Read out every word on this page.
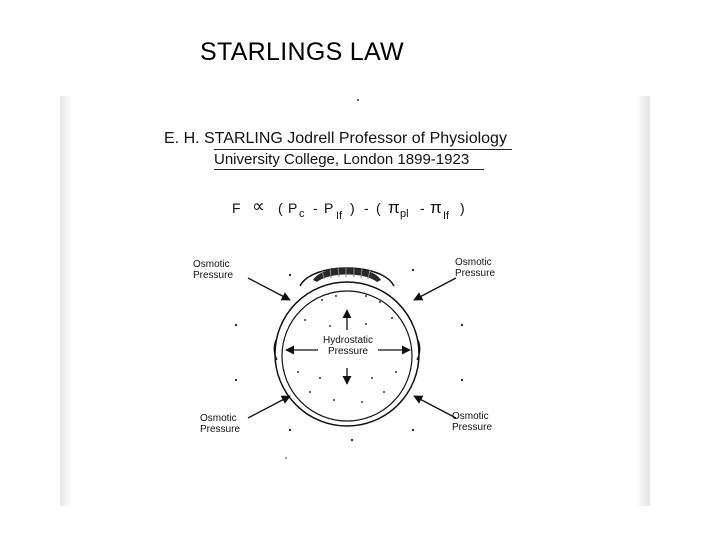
STARLINGS LAW
E. H. STARLING Jodrell Professor of Physiology
University College, London 1899-1923
F ∝ ( P c - P If ) - ( π pl - π If )
Osmotic Pressure
Osmotic Pressure
Osmotic Pressure
Osmotic Pressure
Hydrostatic Pressure
